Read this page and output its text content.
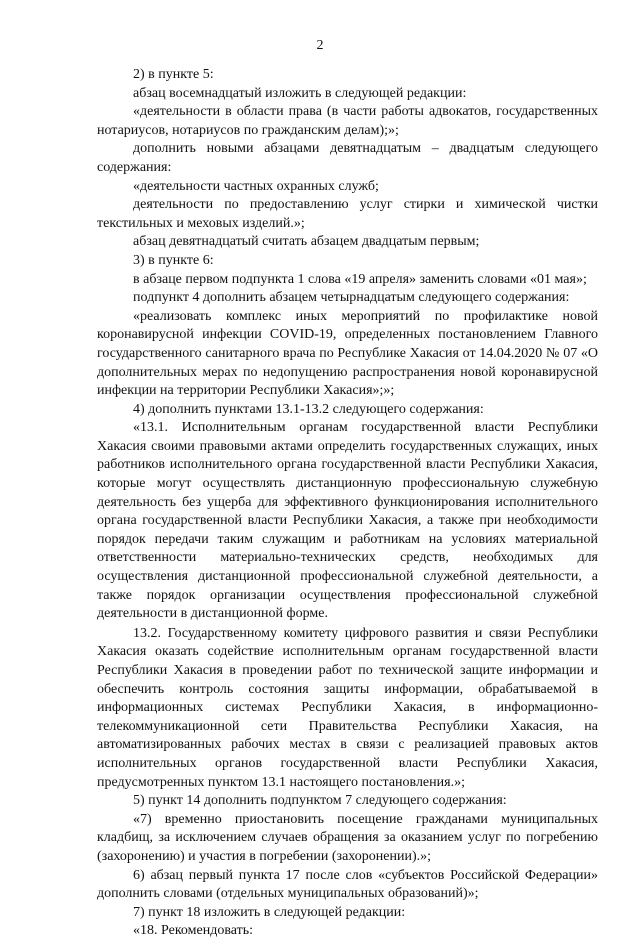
2

2) в пункте 5:

абзац восемнадцатый изложить в следующей редакции:

«деятельности в области права (в части работы адвокатов, государственных нотариусов, нотариусов по гражданским делам);»;

дополнить новыми абзацами девятнадцатым – двадцатым следующего содержания:

«деятельности частных охранных служб;

деятельности по предоставлению услуг стирки и химической чистки текстильных и меховых изделий.»;

абзац девятнадцатый считать абзацем двадцатым первым;

3) в пункте 6:

в абзаце первом подпункта 1 слова «19 апреля» заменить словами «01 мая»;

подпункт 4 дополнить абзацем четырнадцатым следующего содержания:

«реализовать комплекс иных мероприятий по профилактике новой коронавирусной инфекции COVID-19, определенных постановлением Главного государственного санитарного врача по Республике Хакасия от 14.04.2020 № 07 «О дополнительных мерах по недопущению распространения новой коронавирусной инфекции на территории Республики Хакасия»;»;

4) дополнить пунктами 13.1-13.2 следующего содержания:

«13.1. Исполнительным органам государственной власти Республики Хакасия своими правовыми актами определить государственных служащих, иных работников исполнительного органа государственной власти Республики Хакасия, которые могут осуществлять дистанционную профессиональную служебную деятельность без ущерба для эффективного функционирования исполнительного органа государственной власти Республики Хакасия, а также при необходимости порядок передачи таким служащим и работникам на условиях материальной ответственности материально-технических средств, необходимых для осуществления дистанционной профессиональной служебной деятельности, а также порядок организации осуществления профессиональной служебной деятельности в дистанционной форме.

13.2. Государственному комитету цифрового развития и связи Республики Хакасия оказать содействие исполнительным органам государственной власти Республики Хакасия в проведении работ по технической защите информации и обеспечить контроль состояния защиты информации, обрабатываемой в информационных системах Республики Хакасия, в информационно-телекоммуникационной сети Правительства Республики Хакасия, на автоматизированных рабочих местах в связи с реализацией правовых актов исполнительных органов государственной власти Республики Хакасия, предусмотренных пунктом 13.1 настоящего постановления.»;

5) пункт 14 дополнить подпунктом 7 следующего содержания:

«7) временно приостановить посещение гражданами муниципальных кладбищ, за исключением случаев обращения за оказанием услуг по погребению (захоронению) и участия в погребении (захоронении).»;

6) абзац первый пункта 17 после слов «субъектов Российской Федерации» дополнить словами (отдельных муниципальных образований)»;

7) пункт 18 изложить в следующей редакции:

«18. Рекомендовать:
